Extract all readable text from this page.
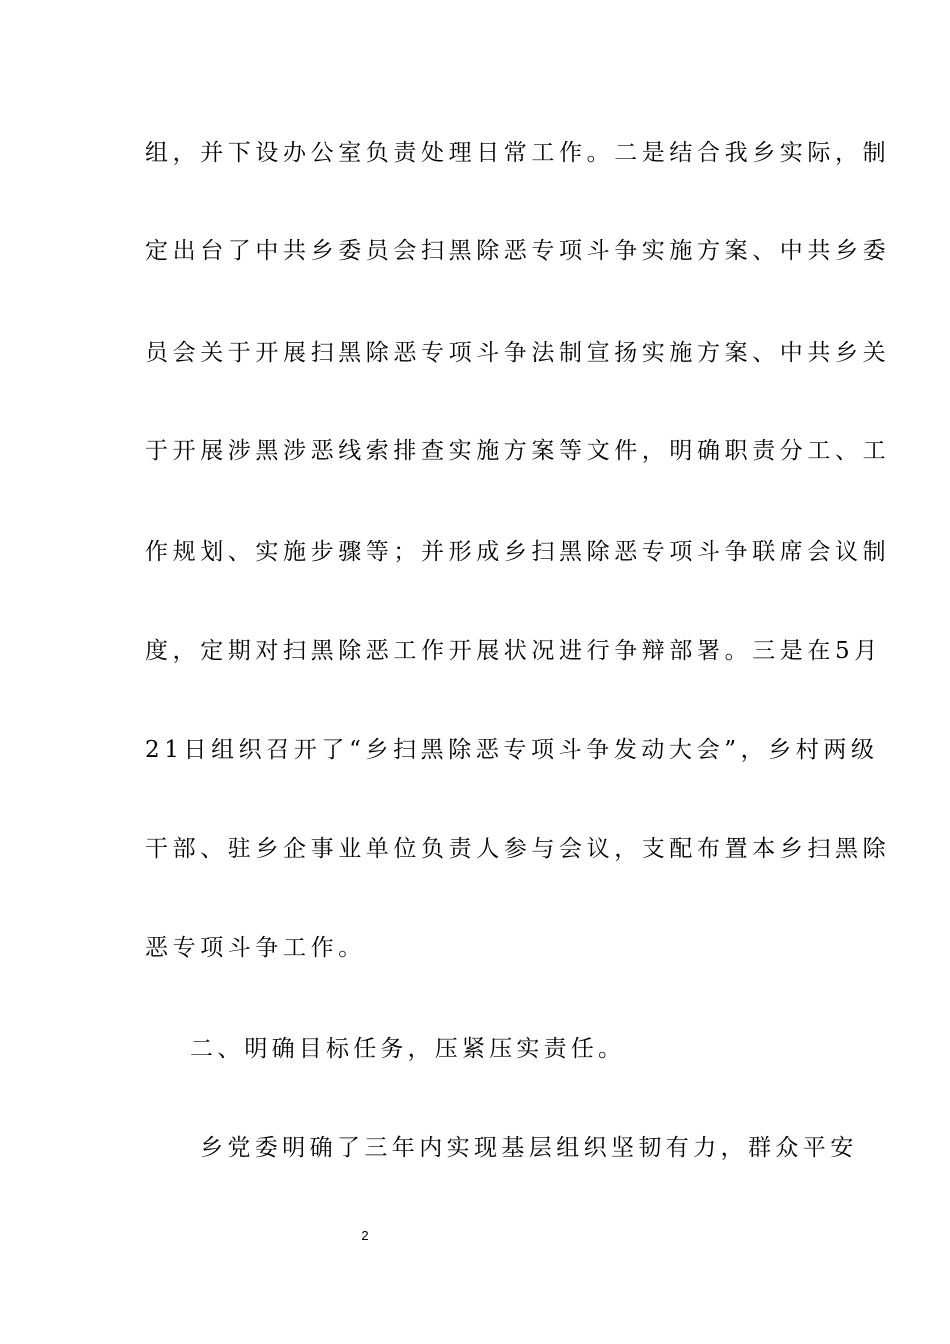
组，并下设办公室负责处理日常工作。二是结合我乡实际，制
定出台了中共乡委员会扫黑除恶专项斗争实施方案、中共乡委
员会关于开展扫黑除恶专项斗争法制宣扬实施方案、中共乡关
于开展涉黑涉恶线索排查实施方案等文件，明确职责分工、工
作规划、实施步骤等；并形成乡扫黑除恶专项斗争联席会议制
度，定期对扫黑除恶工作开展状况进行争辩部署。三是在5月
21日组织召开了“乡扫黑除恶专项斗争发动大会”，乡村两级
干部、驻乡企事业单位负责人参与会议，支配布置本乡扫黑除
恶专项斗争工作。
二、明确目标任务，压紧压实责任。
乡党委明确了三年内实现基层组织坚韧有力，群众平安
2
